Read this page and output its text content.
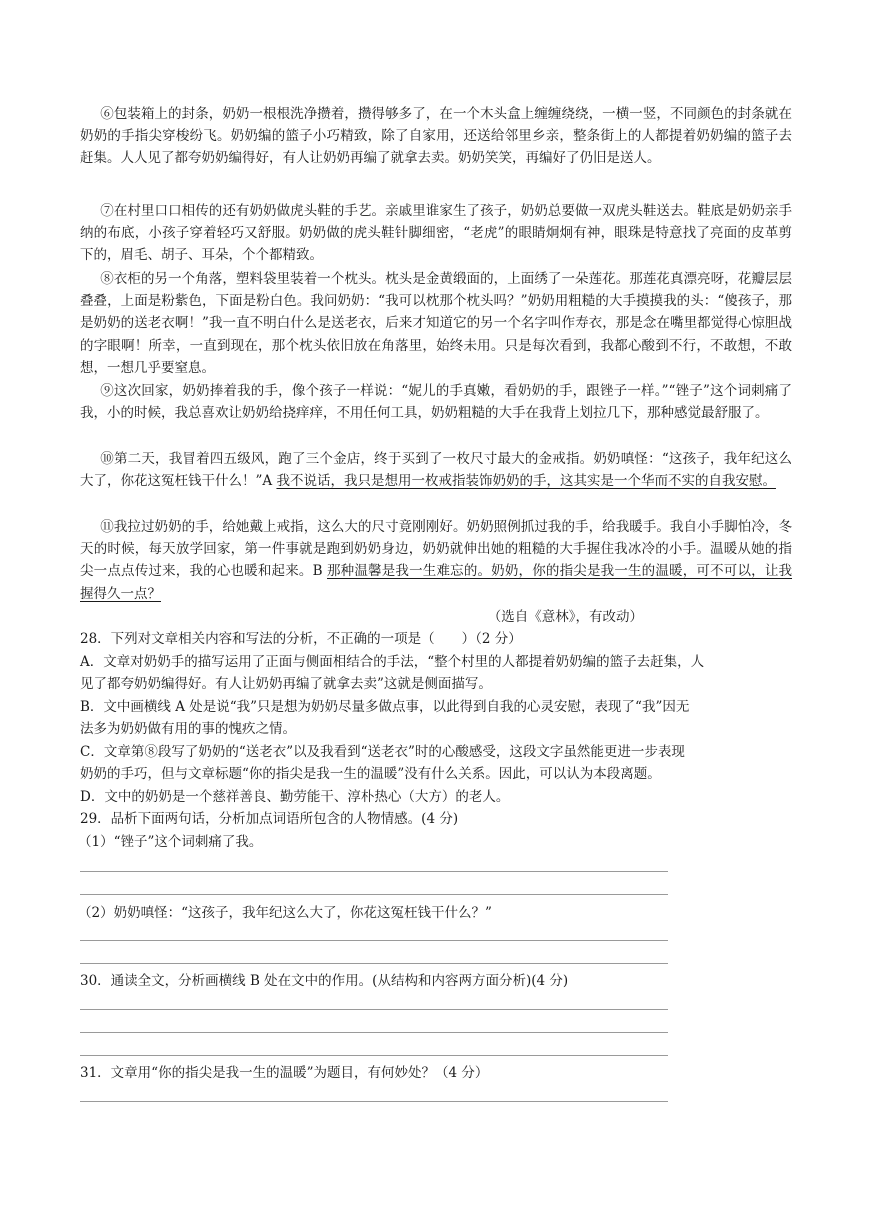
⑥包装箱上的封条，奶奶一根根洗净攒着，攒得够多了，在一个木头盒上缠缠绕绕，一横一竖，不同颜色的封条就在奶奶的手指尖穿梭纷飞。奶奶编的篮子小巧精致，除了自家用，还送给邻里乡亲，整条街上的人都提着奶奶编的篮子去赶集。人人见了都夸奶奶编得好，有人让奶奶再编了就拿去卖。奶奶笑笑，再编好了仍旧是送人。

⑦在村里口口相传的还有奶奶做虎头鞋的手艺。亲戚里谁家生了孩子，奶奶总要做一双虎头鞋送去。鞋底是奶奶亲手纳的布底，小孩子穿着轻巧又舒服。奶奶做的虎头鞋针脚细密，“老虎”的眼睛炯炯有神，眼珠是特意找了亮面的皮革剪下的，眉毛、胡子、耳朵，个个都精致。

⑧衣柜的另一个角落，塑料袋里装着一个枕头。枕头是金黄缎面的，上面绣了一朵莲花。那莲花真漂亮呀，花瓣层层叠叠，上面是粉紫色，下面是粉白色。我问奶奶：“我可以枕那个枕头吗？”奶奶用粗糙的大手摸摸我的头：“傻孩子，那是奶奶的送老衣啊！”我一直不明白什么是送老衣，后来才知道它的另一个名字叫作寿衣，那是念在嘴里都觉得心惊胆战的字眼啊！所幸，一直到现在，那个枕头依旧放在角落里，始终未用。只是每次看到，我都心酸到不行，不敢想，不敢想，一想几乎要窒息。

⑨这次回家，奶奶捧着我的手，像个孩子一样说：“妮儿的手真嫩，看奶奶的手，跟锉子一样。”“锉子”这个词刺痛了我，小的时候，我总喜欢让奶奶给挠痒痒，不用任何工具，奶奶粗糙的大手在我背上划拉几下，那种感觉最舒服了。

⑩第二天，我冒着四五级风，跑了三个金店，终于买到了一枚尺寸最大的金戒指。奶奶嗔怪：“这孩子，我年纪这么大了，你花这冤枉钱干什么！”A 我不说话，我只是想用一枚戒指装饰奶奶的手，这其实是一个华而不实的自我安慰。

⑪我拉过奶奶的手，给她戴上戒指，这么大的尺寸竟刚刚好。奶奶照例抓过我的手，给我暖手。我自小手脚怕冷，冬天的时候，每天放学回家，第一件事就是跑到奶奶身边，奶奶就伸出她的粗糙的大手握住我冰冷的小手。温暖从她的指尖一点点传过来，我的心也暖和起来。B 那种温馨是我一生难忘的。奶奶，你的指尖是我一生的温暖，可不可以，让我握得久一点？

（选自《意林》，有改动）
28．下列对文章相关内容和写法的分析，不正确的一项是（　　）（2 分）
A．文章对奶奶手的描写运用了正面与侧面相结合的手法，“整个村里的人都提着奶奶编的篮子去赶集，人
见了都夸奶奶编得好。有人让奶奶再编了就拿去卖”这就是侧面描写。
B．文中画横线 A 处是说“我”只是想为奶奶尽量多做点事，以此得到自我的心灵安慰，表现了“我”因无
法多为奶奶做有用的事的愧疚之情。
C．文章第⑧段写了奶奶的“送老衣”以及我看到“送老衣”时的心酸感受，这段文字虽然能更进一步表现
奶奶的手巧，但与文章标题“你的指尖是我一生的温暖”没有什么关系。因此，可以认为本段离题。
D．文中的奶奶是一个慈祥善良、勤劳能干、淳朴热心（大方）的老人。
29．品析下面两句话，分析加点词语所包含的人物情感。(4 分)
（1）“锉子”这个词刺痛了我。
（2）奶奶嗔怪：“这孩子，我年纪这么大了，你花这冤枉钱干什么？”
30．通读全文，分析画横线 B 处在文中的作用。(从结构和内容两方面分析)(4 分)
31．文章用“你的指尖是我一生的温暖”为题目，有何妙处？（4 分）
